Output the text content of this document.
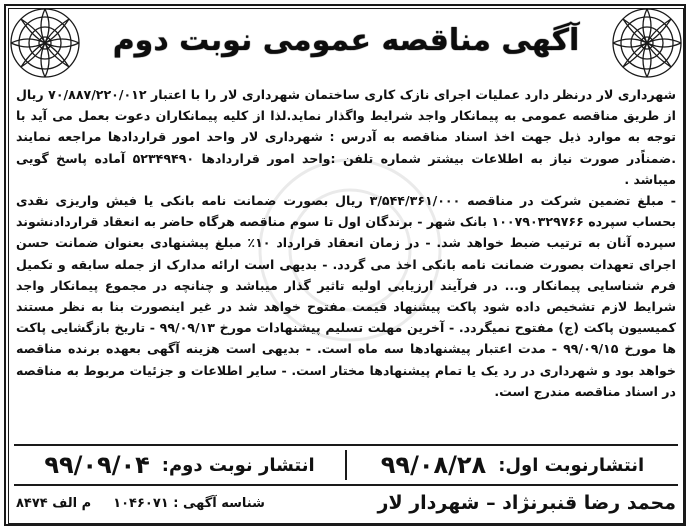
آگهی مناقصه عمومی نوبت دوم

شهرداری لار درنظر دارد عملیات اجرای نازک کاری ساختمان شهرداری لار را با اعتبار ۷۰/۸۸۷/۲۲۰/۰۱۲ ریال از طریق مناقصه عمومی به پیمانکار واجد شرایط واگذار نماید.لذا از کلیه پیمانکاران دعوت بعمل می آید با توجه به موارد ذیل جهت اخذ اسناد مناقصه به آدرس : شهرداری لار واحد امور قراردادها مراجعه نمایند .ضمناًدر صورت نیاز به اطلاعات بیشتر شماره تلفن :واحد امور قراردادها ۵۲۳۴۹۴۹۰ آماده پاسخ گویی میباشد .

- مبلغ تضمین شرکت در مناقصه ۳/۵۴۴/۳۶۱/۰۰۰ ریال بصورت ضمانت نامه بانکی یا فیش واریزی نقدی بحساب سپرده ۱۰۰۷۹۰۳۲۹۷۶۶ بانک شهر - برندگان اول تا سوم مناقصه هرگاه حاضر به انعقاد قراردادنشوند سپرده آنان به ترتیب ضبط خواهد شد. - در زمان انعقاد قرارداد ۱۰٪ مبلغ پیشنهادی بعنوان ضمانت حسن اجرای تعهدات بصورت ضمانت نامه بانکی اخذ می گردد. - بدیهی است ارائه مدارک از جمله سابقه و تکمیل فرم شناسایی پیمانکار و... در فرآیند ارزیابی اولیه تاثیر گذار میباشد و چنانچه در مجموع پیمانکار واجد شرایط لازم تشخیص داده شود پاکت پیشنهاد قیمت مفتوح خواهد شد در غیر اینصورت بنا به نظر مستند کمیسیون پاکت (ج) مفتوح نمیگردد. - آخرین مهلت تسلیم پیشنهادات مورخ ۹۹/۰۹/۱۳ - تاریخ بازگشایی پاکت ها مورخ ۹۹/۰۹/۱۵ - مدت اعتبار پیشنهادها سه ماه است. - بدیهی است هزینه آگهی بعهده برنده مناقصه خواهد بود و شهرداری در رد یک یا تمام پیشنهادها مختار است. - سایر اطلاعات و جزئیات مربوط به مناقصه در اسناد مناقصه مندرج است.

انتشارنوبت اول:
۹۹/۰۸/۲۸
انتشار نوبت دوم:
۹۹/۰۹/۰۴
محمد رضا قنبرنژاد – شهردار لار
شناسه آگهی : ۱۰۴۶۰۷۱
م الف ۸۴۷۴
